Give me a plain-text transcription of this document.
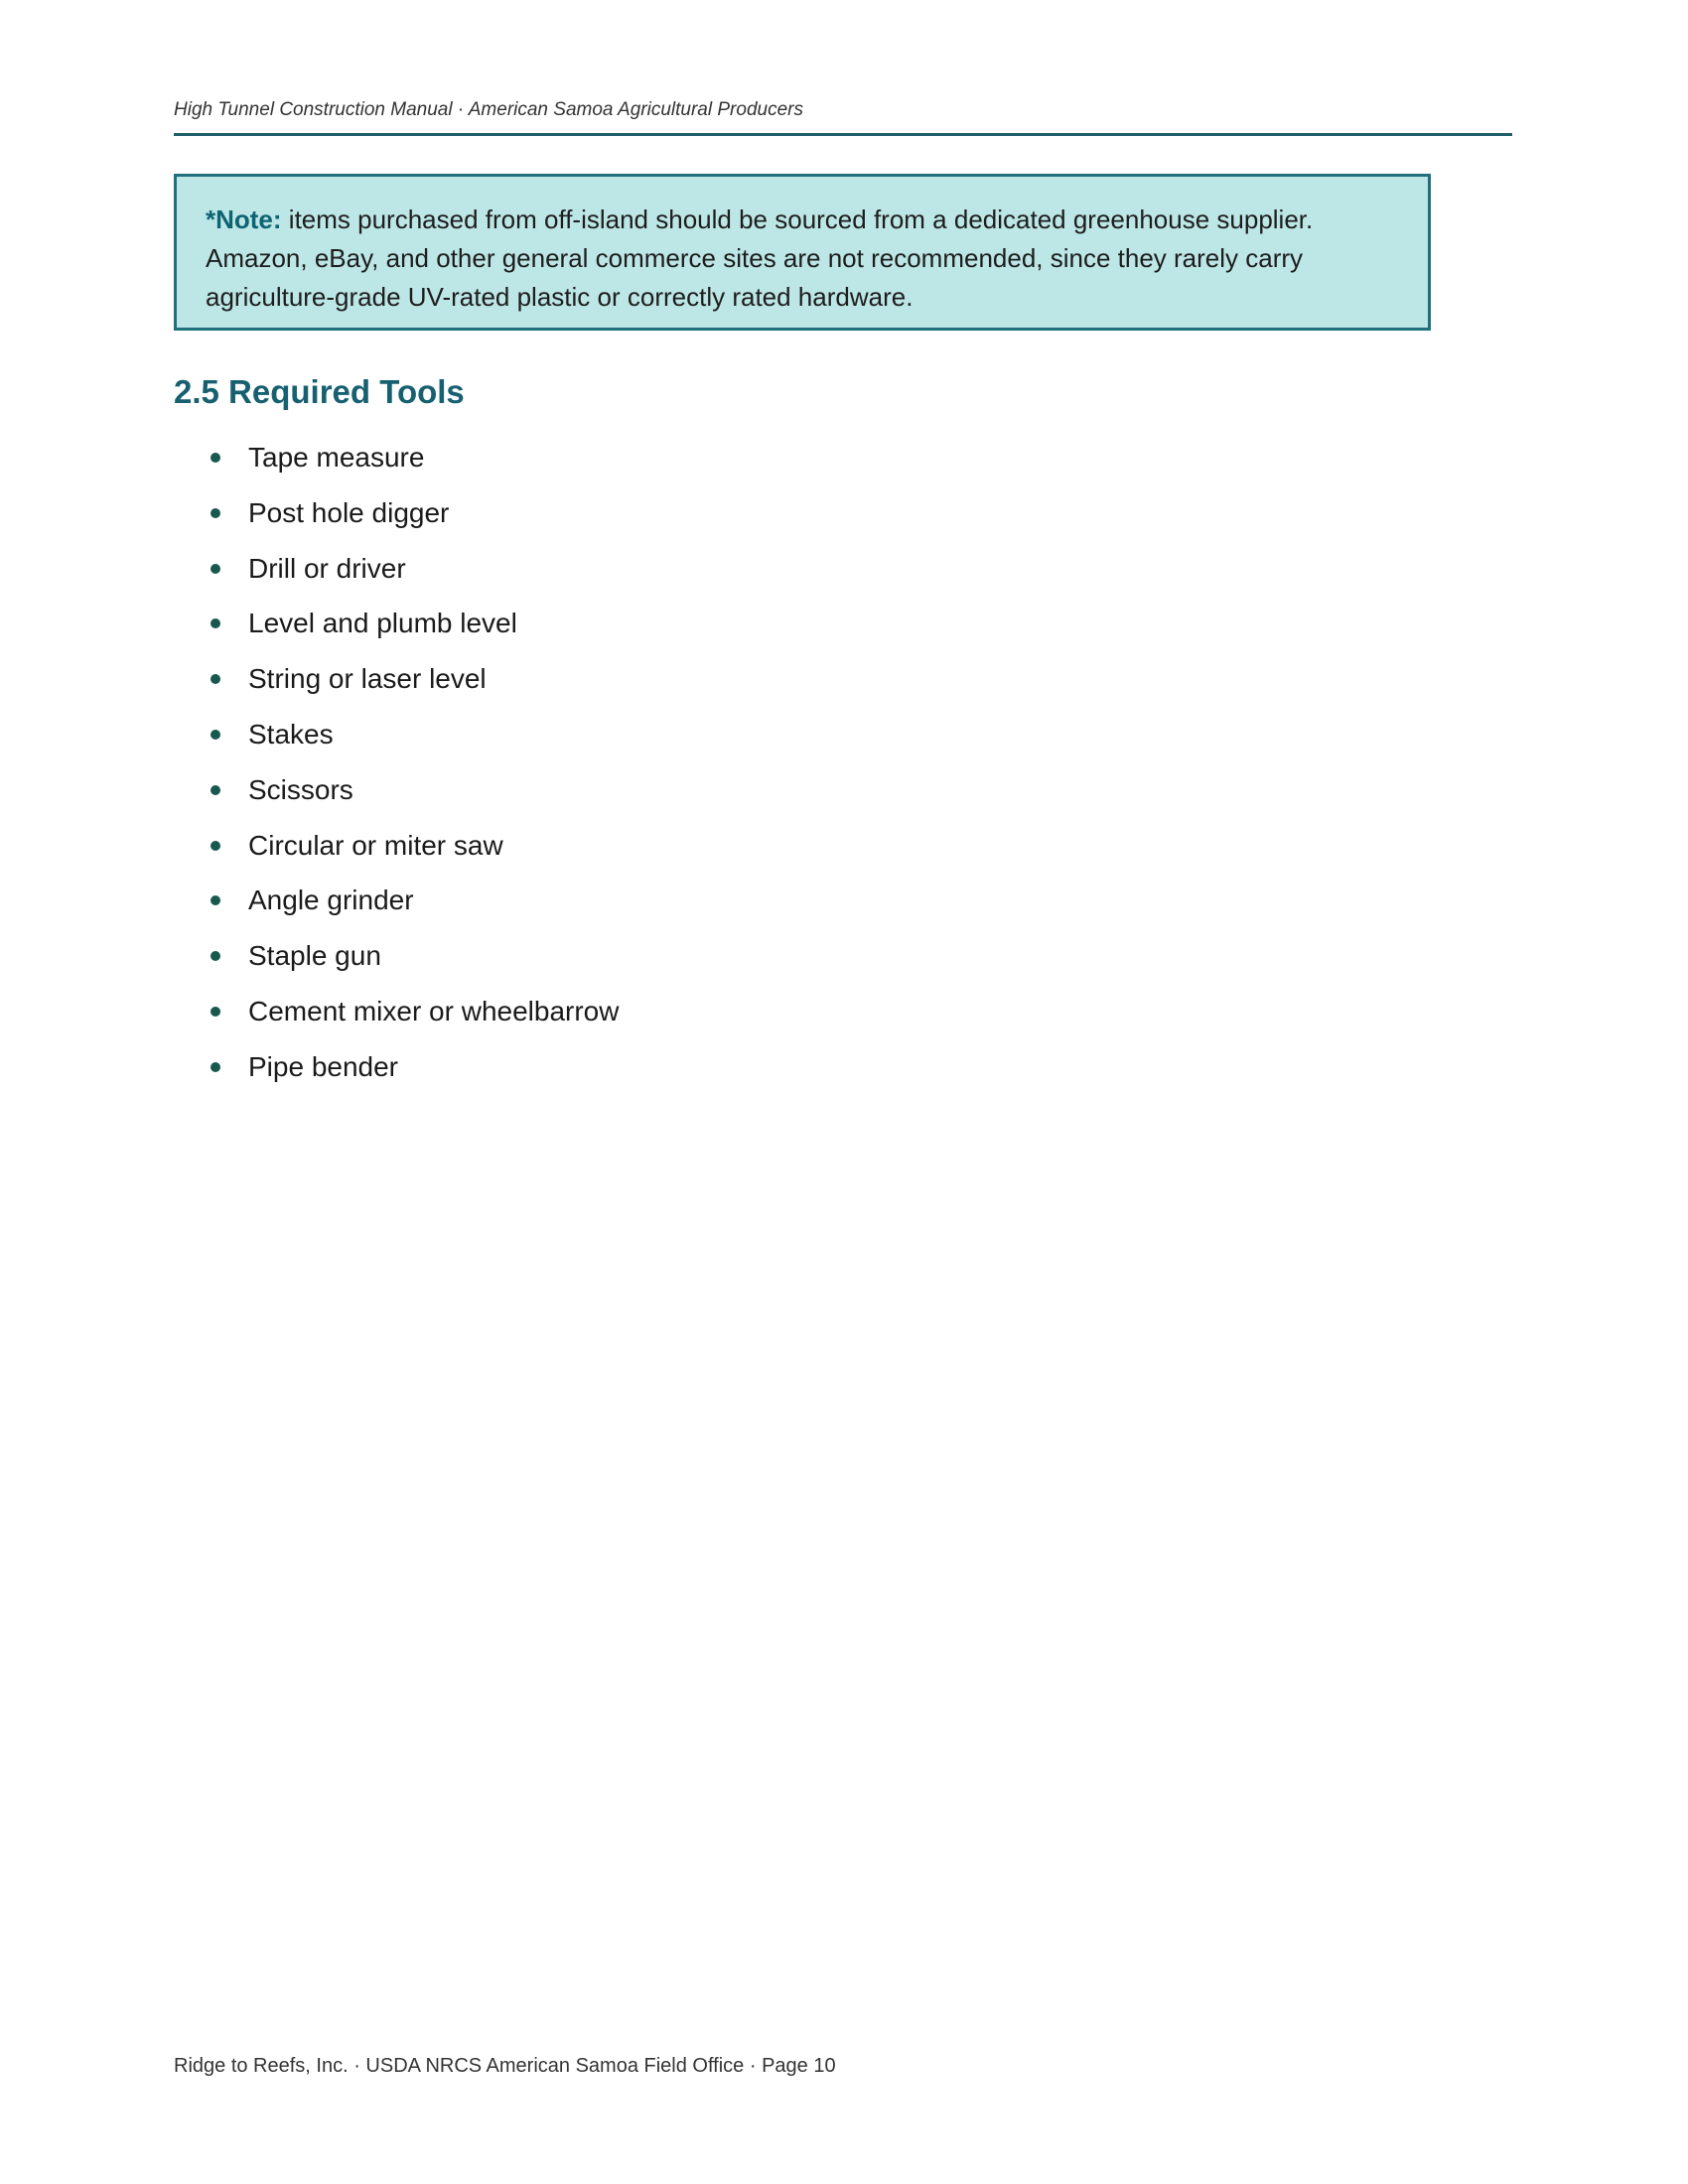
High Tunnel Construction Manual · American Samoa Agricultural Producers
*Note: items purchased from off-island should be sourced from a dedicated greenhouse supplier. Amazon, eBay, and other general commerce sites are not recommended, since they rarely carry agriculture-grade UV-rated plastic or correctly rated hardware.
2.5 Required Tools
Tape measure
Post hole digger
Drill or driver
Level and plumb level
String or laser level
Stakes
Scissors
Circular or miter saw
Angle grinder
Staple gun
Cement mixer or wheelbarrow
Pipe bender
Ridge to Reefs, Inc. · USDA NRCS American Samoa Field Office · Page 10
